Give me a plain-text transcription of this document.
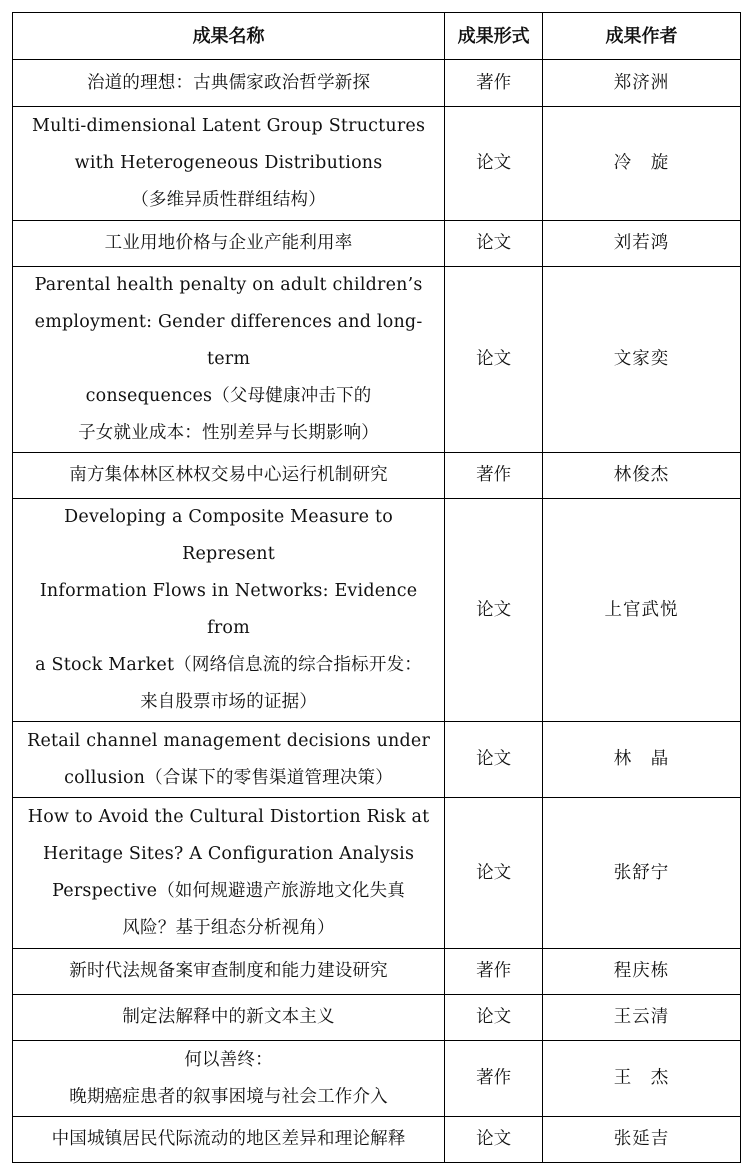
成果名称	成果形式	成果作者

治道的理想：古典儒家政治哲学新探	著作	郑济洲

Multi-dimensional Latent Group Structures
with Heterogeneous Distributions
（多维异质性群组结构）	论文	冷　旋

工业用地价格与企业产能利用率	论文	刘若鸿

Parental health penalty on adult children’s
employment: Gender differences and long-term
consequences（父母健康冲击下的
子女就业成本：性别差异与长期影响）	论文	文家奕

南方集体林区林权交易中心运行机制研究	著作	林俊杰

Developing a Composite Measure to Represent
Information Flows in Networks: Evidence from
a Stock Market（网络信息流的综合指标开发：
来自股票市场的证据）	论文	上官武悦

Retail channel management decisions under
collusion（合谋下的零售渠道管理决策）	论文	林　晶

How to Avoid the Cultural Distortion Risk at
Heritage Sites? A Configuration Analysis
Perspective（如何规避遗产旅游地文化失真
风险？基于组态分析视角）	论文	张舒宁

新时代法规备案审查制度和能力建设研究	著作	程庆栋

制定法解释中的新文本主义	论文	王云清

何以善终：
晚期癌症患者的叙事困境与社会工作介入	著作	王　杰

中国城镇居民代际流动的地区差异和理论解释	论文	张延吉
